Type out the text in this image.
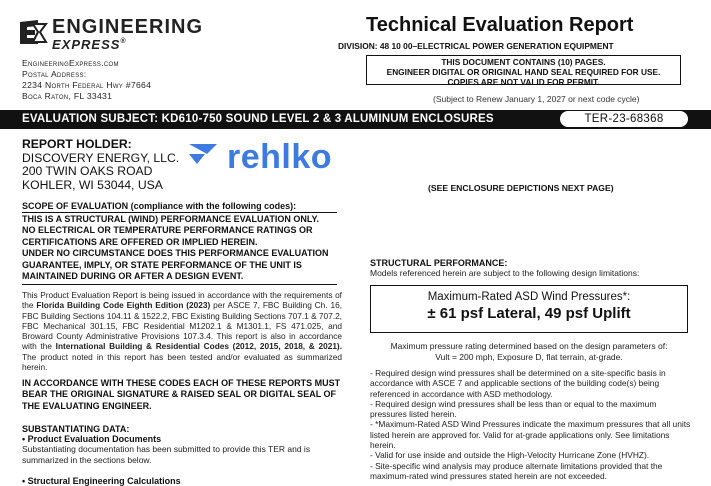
ENGINEERING
EXPRESS®
EngineeringExpress.com
Postal Address:
2234 North Federal Hwy #7664
Boca Raton, FL 33431
Technical Evaluation Report
DIVISION: 48 10 00–ELECTRICAL POWER GENERATION EQUIPMENT
THIS DOCUMENT CONTAINS (10) PAGES.
ENGINEER DIGITAL OR ORIGINAL HAND SEAL REQUIRED FOR USE.
COPIES ARE NOT VALID FOR PERMIT.
(Subject to Renew January 1, 2027 or next code cycle)
EVALUATION SUBJECT: KD610-750 SOUND LEVEL 2 & 3 ALUMINUM ENCLOSURES	TER-23-68368
REPORT HOLDER:
DISCOVERY ENERGY, LLC.
200 TWIN OAKS ROAD
KOHLER, WI 53044, USA
rehlko
SCOPE OF EVALUATION (compliance with the following codes):
THIS IS A STRUCTURAL (WIND) PERFORMANCE EVALUATION ONLY.
NO ELECTRICAL OR TEMPERATURE PERFORMANCE RATINGS OR
CERTIFICATIONS ARE OFFERED OR IMPLIED HEREIN.
UNDER NO CIRCUMSTANCE DOES THIS PERFORMANCE EVALUATION
GUARANTEE, IMPLY, OR STATE PERFORMANCE OF THE UNIT IS
MAINTAINED DURING OR AFTER A DESIGN EVENT.
This Product Evaluation Report is being issued in accordance with the requirements of the Florida Building Code Eighth Edition (2023) per ASCE 7, FBC Building Ch. 16, FBC Building Sections 104.11 & 1522.2, FBC Existing Building Sections 707.1 & 707.2, FBC Mechanical 301.15, FBC Residential M1202.1 & M1301.1, FS 471.025, and Broward County Administrative Provisions 107.3.4. This report is also in accordance with the International Building & Residential Codes (2012, 2015, 2018, & 2021). The product noted in this report has been tested and/or evaluated as summarized herein.
IN ACCORDANCE WITH THESE CODES EACH OF THESE REPORTS MUST BEAR THE ORIGINAL SIGNATURE & RAISED SEAL OR DIGITAL SEAL OF THE EVALUATING ENGINEER.
SUBSTANTIATING DATA:
• Product Evaluation Documents
Substantiating documentation has been submitted to provide this TER and is summarized in the sections below.
• Structural Engineering Calculations
(SEE ENCLOSURE DEPICTIONS NEXT PAGE)
STRUCTURAL PERFORMANCE:
Models referenced herein are subject to the following design limitations:
Maximum-Rated ASD Wind Pressures*:
± 61 psf Lateral, 49 psf Uplift
Maximum pressure rating determined based on the design parameters of:
Vult = 200 mph, Exposure D, flat terrain, at-grade.
- Required design wind pressures shall be determined on a site-specific basis in accordance with ASCE 7 and applicable sections of the building code(s) being referenced in accordance with ASD methodology.
- Required design wind pressures shall be less than or equal to the maximum pressures listed herein.
- *Maximum-Rated ASD Wind Pressures indicate the maximum pressures that all units listed herein are approved for. Valid for at-grade applications only. See limitations herein.
- Valid for use inside and outside the High-Velocity Hurricane Zone (HVHZ).
- Site-specific wind analysis may produce alternate limitations provided that the maximum-rated wind pressures stated herein are not exceeded.
